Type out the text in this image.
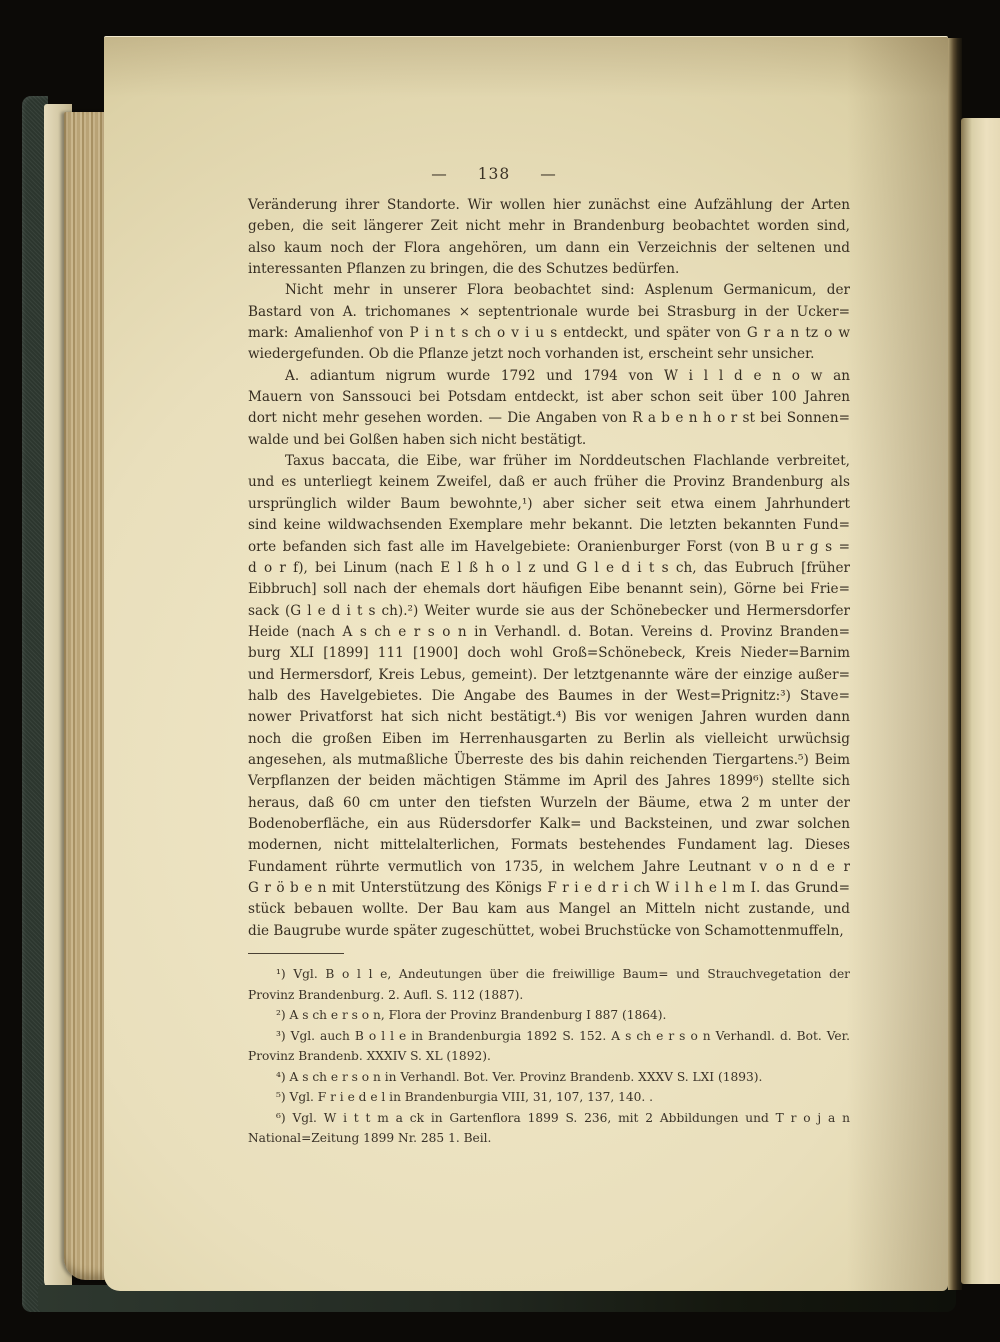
— 138 —
Veränderung ihrer Standorte. Wir wollen hier zunächst eine Aufzählung der Arten
geben, die seit längerer Zeit nicht mehr in Brandenburg beobachtet worden sind,
also kaum noch der Flora angehören, um dann ein Verzeichnis der seltenen und
interessanten Pflanzen zu bringen, die des Schutzes bedürfen.
Nicht mehr in unserer Flora beobachtet sind: Asplenum Germanicum, der
Bastard von A. trichomanes × septentrionale wurde bei Strasburg in der Ucker=
mark: Amalienhof von P i n t s ch o v i u s entdeckt, und später von G r a n tz o w
wiedergefunden. Ob die Pflanze jetzt noch vorhanden ist, erscheint sehr unsicher.
A. adiantum nigrum wurde 1792 und 1794 von W i l l d e n o w an
Mauern von Sanssouci bei Potsdam entdeckt, ist aber schon seit über 100 Jahren
dort nicht mehr gesehen worden. — Die Angaben von R a b e n h o r st bei Sonnen=
walde und bei Golßen haben sich nicht bestätigt.
Taxus baccata, die Eibe, war früher im Norddeutschen Flachlande verbreitet,
und es unterliegt keinem Zweifel, daß er auch früher die Provinz Brandenburg als
ursprünglich wilder Baum bewohnte,¹) aber sicher seit etwa einem Jahrhundert
sind keine wildwachsenden Exemplare mehr bekannt. Die letzten bekannten Fund=
orte befanden sich fast alle im Havelgebiete: Oranienburger Forst (von B u r g s =
d o r f), bei Linum (nach E l ß h o l z und G l e d i t s ch, das Eubruch [früher
Eibbruch] soll nach der ehemals dort häufigen Eibe benannt sein), Görne bei Frie=
sack (G l e d i t s ch).²) Weiter wurde sie aus der Schönebecker und Hermersdorfer
Heide (nach A s ch e r s o n in Verhandl. d. Botan. Vereins d. Provinz Branden=
burg XLI [1899] 111 [1900] doch wohl Groß=Schönebeck, Kreis Nieder=Barnim
und Hermersdorf, Kreis Lebus, gemeint). Der letztgenannte wäre der einzige außer=
halb des Havelgebietes. Die Angabe des Baumes in der West=Prignitz:³) Stave=
nower Privatforst hat sich nicht bestätigt.⁴) Bis vor wenigen Jahren wurden dann
noch die großen Eiben im Herrenhausgarten zu Berlin als vielleicht urwüchsig
angesehen, als mutmaßliche Überreste des bis dahin reichenden Tiergartens.⁵) Beim
Verpflanzen der beiden mächtigen Stämme im April des Jahres 1899⁶) stellte sich
heraus, daß 60 cm unter den tiefsten Wurzeln der Bäume, etwa 2 m unter der
Bodenoberfläche, ein aus Rüdersdorfer Kalk= und Backsteinen, und zwar solchen
modernen, nicht mittelalterlichen, Formats bestehendes Fundament lag. Dieses
Fundament rührte vermutlich von 1735, in welchem Jahre Leutnant v o n d e r
G r ö b e n mit Unterstützung des Königs F r i e d r i ch W i l h e l m I. das Grund=
stück bebauen wollte. Der Bau kam aus Mangel an Mitteln nicht zustande, und
die Baugrube wurde später zugeschüttet, wobei Bruchstücke von Schamottenmuffeln,
¹) Vgl. B o l l e, Andeutungen über die freiwillige Baum= und Strauchvegetation der
Provinz Brandenburg. 2. Aufl. S. 112 (1887).
²) A s ch e r s o n, Flora der Provinz Brandenburg I 887 (1864).
³) Vgl. auch B o l l e in Brandenburgia 1892 S. 152. A s ch e r s o n Verhandl. d. Bot. Ver.
Provinz Brandenb. XXXIV S. XL (1892).
⁴) A s ch e r s o n in Verhandl. Bot. Ver. Provinz Brandenb. XXXV S. LXI (1893).
⁵) Vgl. F r i e d e l in Brandenburgia VIII, 31, 107, 137, 140. .
⁶) Vgl. W i t t m a ck in Gartenflora 1899 S. 236, mit 2 Abbildungen und T r o j a n
National=Zeitung 1899 Nr. 285 1. Beil.
